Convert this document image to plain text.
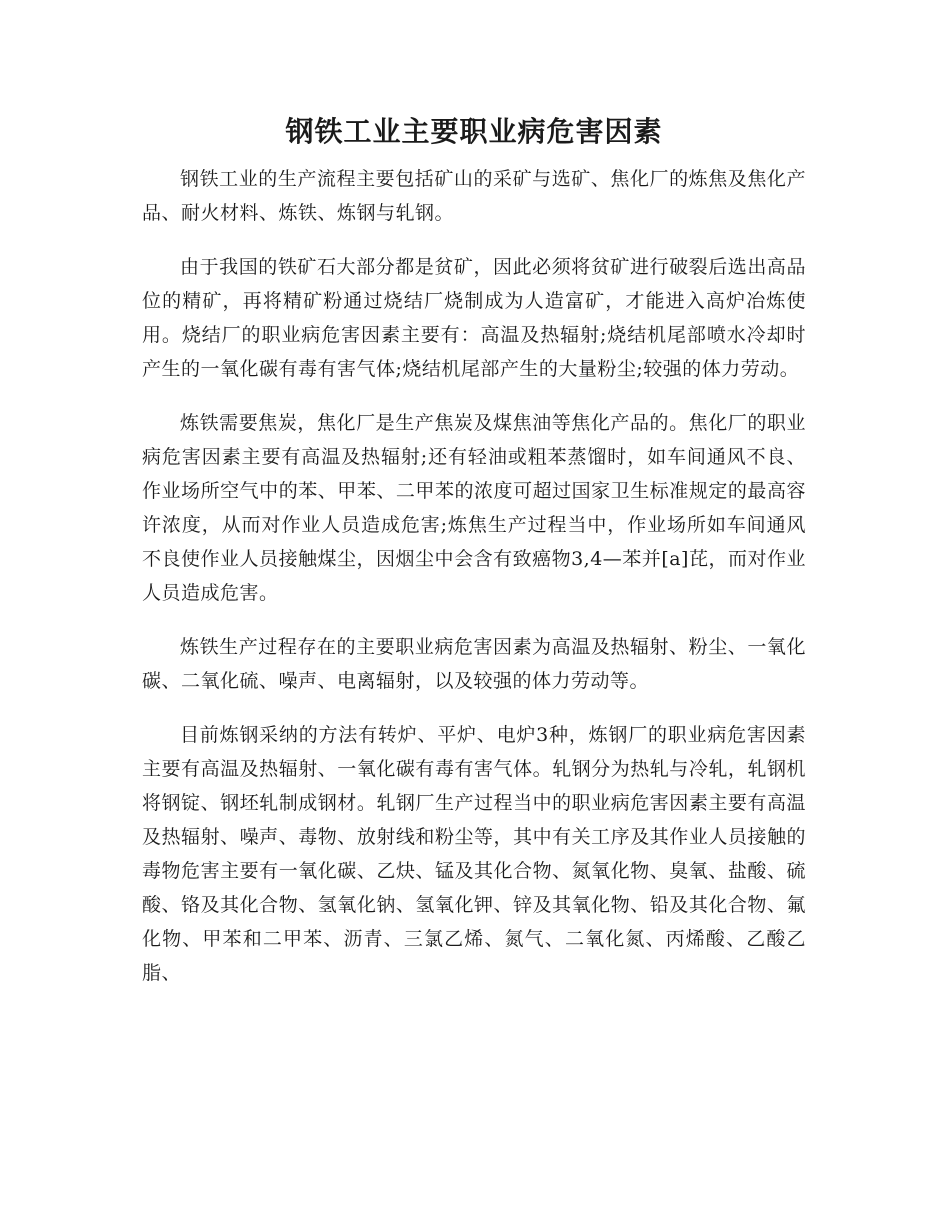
钢铁工业主要职业病危害因素

钢铁工业的生产流程主要包括矿山的采矿与选矿、焦化厂的炼焦及焦化产品、耐火材料、炼铁、炼钢与轧钢。

由于我国的铁矿石大部分都是贫矿，因此必须将贫矿进行破裂后选出高品位的精矿，再将精矿粉通过烧结厂烧制成为人造富矿，才能进入高炉冶炼使用。烧结厂的职业病危害因素主要有：高温及热辐射;烧结机尾部喷水冷却时产生的一氧化碳有毒有害气体;烧结机尾部产生的大量粉尘;较强的体力劳动。

炼铁需要焦炭，焦化厂是生产焦炭及煤焦油等焦化产品的。焦化厂的职业病危害因素主要有高温及热辐射;还有轻油或粗苯蒸馏时，如车间通风不良、作业场所空气中的苯、甲苯、二甲苯的浓度可超过国家卫生标准规定的最高容许浓度，从而对作业人员造成危害;炼焦生产过程当中，作业场所如车间通风不良使作业人员接触煤尘，因烟尘中会含有致癌物3,4—苯并[a]芘，而对作业人员造成危害。

炼铁生产过程存在的主要职业病危害因素为高温及热辐射、粉尘、一氧化碳、二氧化硫、噪声、电离辐射，以及较强的体力劳动等。

目前炼钢采纳的方法有转炉、平炉、电炉3种，炼钢厂的职业病危害因素主要有高温及热辐射、一氧化碳有毒有害气体。轧钢分为热轧与冷轧，轧钢机将钢锭、钢坯轧制成钢材。轧钢厂生产过程当中的职业病危害因素主要有高温及热辐射、噪声、毒物、放射线和粉尘等，其中有关工序及其作业人员接触的毒物危害主要有一氧化碳、乙炔、锰及其化合物、氮氧化物、臭氧、盐酸、硫酸、铬及其化合物、氢氧化钠、氢氧化钾、锌及其氧化物、铅及其化合物、氟化物、甲苯和二甲苯、沥青、三氯乙烯、氮气、二氧化氮、丙烯酸、乙酸乙脂、
